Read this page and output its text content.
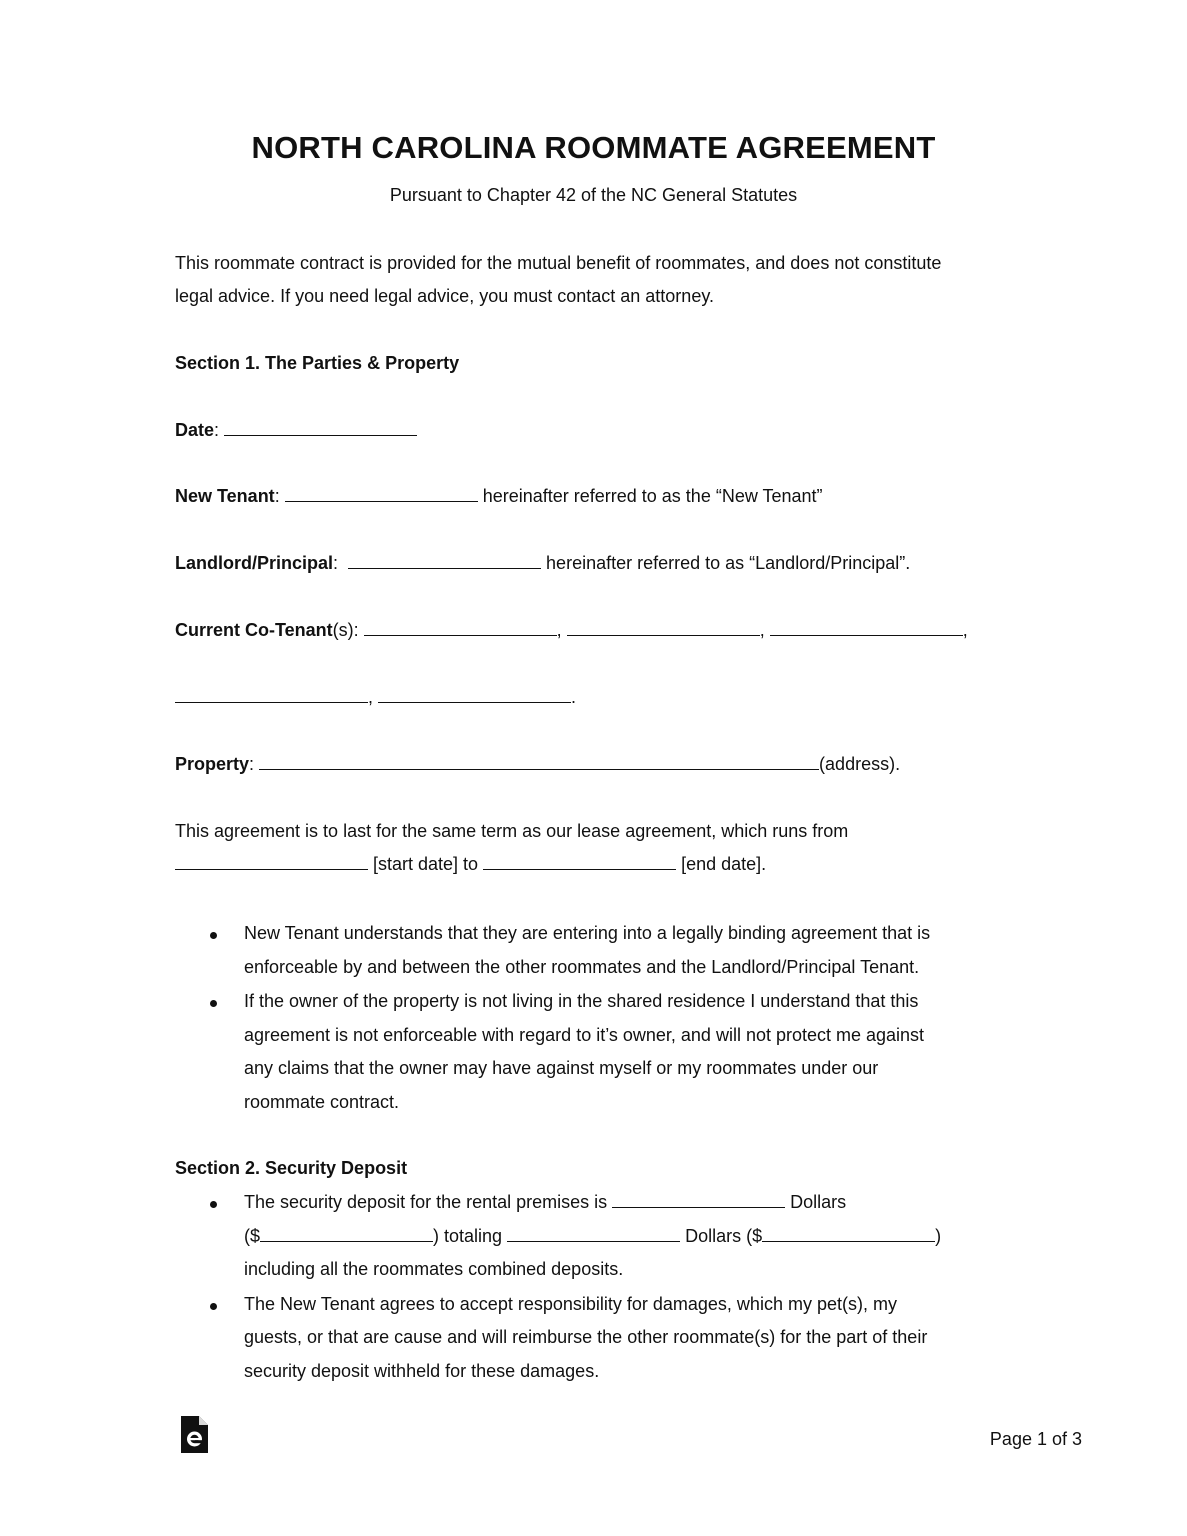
NORTH CAROLINA ROOMMATE AGREEMENT
Pursuant to Chapter 42 of the NC General Statutes
This roommate contract is provided for the mutual benefit of roommates, and does not constitute
legal advice. If you need legal advice, you must contact an attorney.
Section 1. The Parties & Property
Date:
New Tenant:	hereinafter referred to as the “New Tenant”
Landlord/Principal:	hereinafter referred to as “Landlord/Principal”.
Current Co-Tenant(s):	,	,	,
,	.
Property:	(address).
This agreement is to last for the same term as our lease agreement, which runs from
[start date] to	[end date].
New Tenant understands that they are entering into a legally binding agreement that is
enforceable by and between the other roommates and the Landlord/Principal Tenant.
If the owner of the property is not living in the shared residence I understand that this
agreement is not enforceable with regard to it’s owner, and will not protect me against
any claims that the owner may have against myself or my roommates under our
roommate contract.
Section 2. Security Deposit
The security deposit for the rental premises is	Dollars
($	) totaling	Dollars ($	)
including all the roommates combined deposits.
The New Tenant agrees to accept responsibility for damages, which my pet(s), my
guests, or that are cause and will reimburse the other roommate(s) for the part of their
security deposit withheld for these damages.
Page 1 of 3
